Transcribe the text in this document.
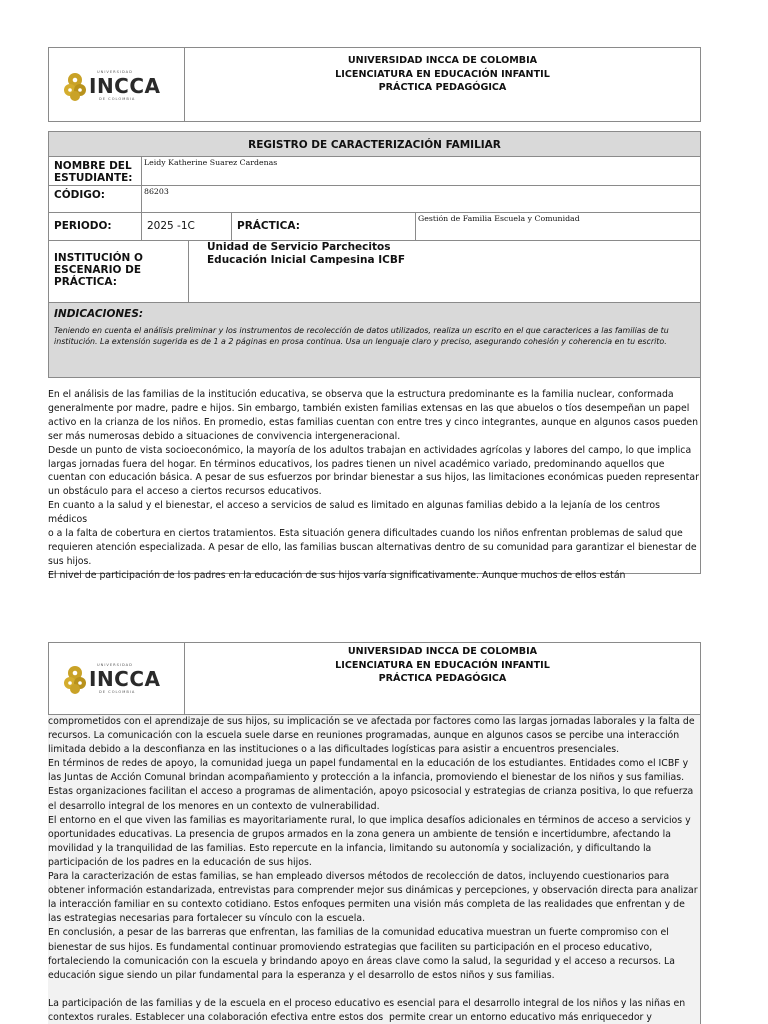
UNIVERSIDAD
INCCA
DE COLOMBIA
UNIVERSIDAD INCCA DE COLOMBIA
LICENCIATURA EN EDUCACIÓN INFANTIL
PRÁCTICA PEDAGÓGICA
REGISTRO DE CARACTERIZACIÓN FAMILIAR
NOMBRE DEL ESTUDIANTE:
Leidy Katherine Suarez Cardenas
CÓDIGO:	86203
PERIODO:	2025 -1C	PRÁCTICA:
Gestión de Familia Escuela y Comunidad
INSTITUCIÓN O ESCENARIO DE PRÁCTICA:
Unidad de Servicio Parchecitos
Educación Inicial Campesina ICBF
INDICACIONES:
Teniendo en cuenta el análisis preliminar y los instrumentos de recolección de datos utilizados, realiza un escrito en el que caracterices a las familias de tu institución. La extensión sugerida es de 1 a 2 páginas en prosa continua. Usa un lenguaje claro y preciso, asegurando cohesión y coherencia en tu escrito.
En el análisis de las familias de la institución educativa, se observa que la estructura predominante es la familia nuclear, conformada
generalmente por madre, padre e hijos. Sin embargo, también existen familias extensas en las que abuelos o tíos desempeñan un papel
activo en la crianza de los niños. En promedio, estas familias cuentan con entre tres y cinco integrantes, aunque en algunos casos pueden
ser más numerosas debido a situaciones de convivencia intergeneracional.
Desde un punto de vista socioeconómico, la mayoría de los adultos trabajan en actividades agrícolas y labores del campo, lo que implica
largas jornadas fuera del hogar. En términos educativos, los padres tienen un nivel académico variado, predominando aquellos que
cuentan con educación básica. A pesar de sus esfuerzos por brindar bienestar a sus hijos, las limitaciones económicas pueden representar
un obstáculo para el acceso a ciertos recursos educativos.
En cuanto a la salud y el bienestar, el acceso a servicios de salud es limitado en algunas familias debido a la lejanía de los centros médicos
o a la falta de cobertura en ciertos tratamientos. Esta situación genera dificultades cuando los niños enfrentan problemas de salud que
requieren atención especializada. A pesar de ello, las familias buscan alternativas dentro de su comunidad para garantizar el bienestar de
sus hijos.
El nivel de participación de los padres en la educación de sus hijos varía significativamente. Aunque muchos de ellos están
UNIVERSIDAD
INCCA
DE COLOMBIA
UNIVERSIDAD INCCA DE COLOMBIA
LICENCIATURA EN EDUCACIÓN INFANTIL
PRÁCTICA PEDAGÓGICA
comprometidos con el aprendizaje de sus hijos, su implicación se ve afectada por factores como las largas jornadas laborales y la falta de
recursos. La comunicación con la escuela suele darse en reuniones programadas, aunque en algunos casos se percibe una interacción
limitada debido a la desconfianza en las instituciones o a las dificultades logísticas para asistir a encuentros presenciales.
En términos de redes de apoyo, la comunidad juega un papel fundamental en la educación de los estudiantes. Entidades como el ICBF y
las Juntas de Acción Comunal brindan acompañamiento y protección a la infancia, promoviendo el bienestar de los niños y sus familias.
Estas organizaciones facilitan el acceso a programas de alimentación, apoyo psicosocial y estrategias de crianza positiva, lo que refuerza
el desarrollo integral de los menores en un contexto de vulnerabilidad.
El entorno en el que viven las familias es mayoritariamente rural, lo que implica desafíos adicionales en términos de acceso a servicios y
oportunidades educativas. La presencia de grupos armados en la zona genera un ambiente de tensión e incertidumbre, afectando la
movilidad y la tranquilidad de las familias. Esto repercute en la infancia, limitando su autonomía y socialización, y dificultando la
participación de los padres en la educación de sus hijos.
Para la caracterización de estas familias, se han empleado diversos métodos de recolección de datos, incluyendo cuestionarios para
obtener información estandarizada, entrevistas para comprender mejor sus dinámicas y percepciones, y observación directa para analizar
la interacción familiar en su contexto cotidiano. Estos enfoques permiten una visión más completa de las realidades que enfrentan y de
las estrategias necesarias para fortalecer su vínculo con la escuela.
En conclusión, a pesar de las barreras que enfrentan, las familias de la comunidad educativa muestran un fuerte compromiso con el
bienestar de sus hijos. Es fundamental continuar promoviendo estrategias que faciliten su participación en el proceso educativo,
fortaleciendo la comunicación con la escuela y brindando apoyo en áreas clave como la salud, la seguridad y el acceso a recursos. La
educación sigue siendo un pilar fundamental para la esperanza y el desarrollo de estos niños y sus familias.

La participación de las familias y de la escuela en el proceso educativo es esencial para el desarrollo integral de los niños y las niñas en
contextos rurales. Establecer una colaboración efectiva entre estos dos  permite crear un entorno educativo más enriquecedor y
